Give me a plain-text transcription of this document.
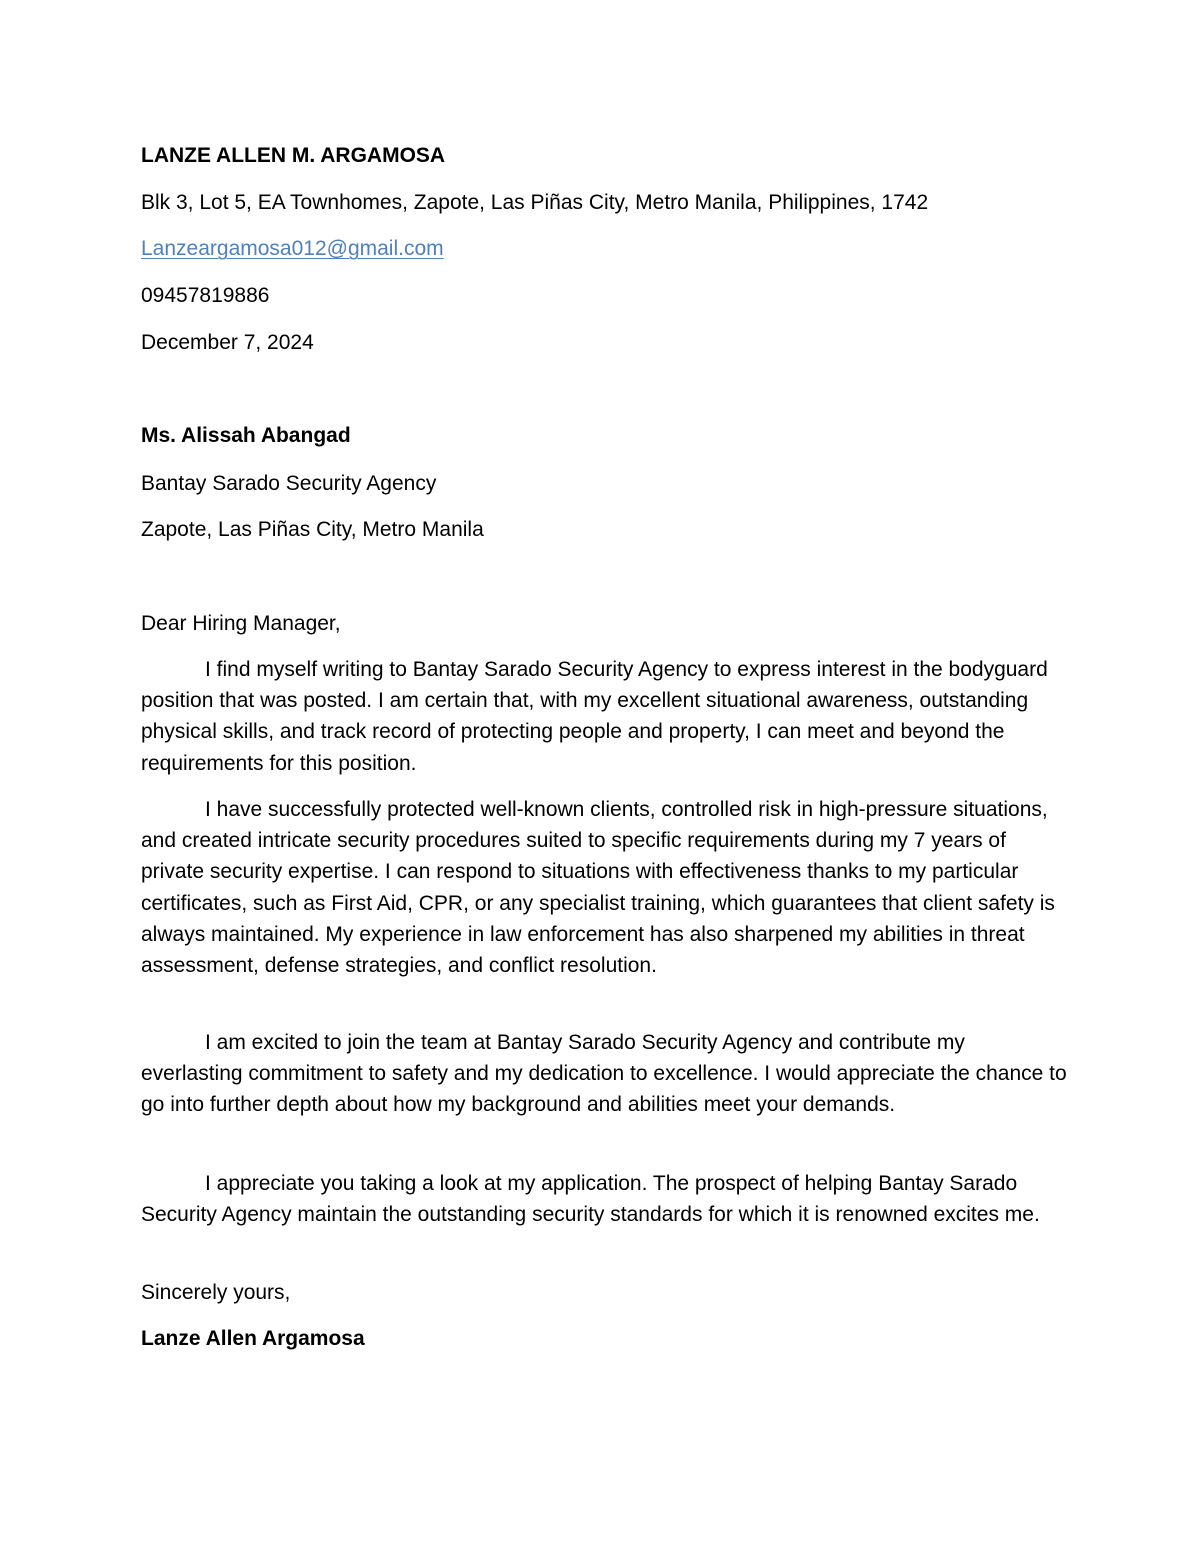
LANZE ALLEN M. ARGAMOSA
Blk 3, Lot 5, EA Townhomes, Zapote, Las Piñas City, Metro Manila, Philippines, 1742
Lanzeargamosa012@gmail.com
09457819886
December 7, 2024
Ms. Alissah Abangad
Bantay Sarado Security Agency
Zapote, Las Piñas City, Metro Manila
Dear Hiring Manager,

I find myself writing to Bantay Sarado Security Agency to express interest in the bodyguard position that was posted. I am certain that, with my excellent situational awareness, outstanding physical skills, and track record of protecting people and property, I can meet and beyond the requirements for this position.

I have successfully protected well-known clients, controlled risk in high-pressure situations, and created intricate security procedures suited to specific requirements during my 7 years of private security expertise. I can respond to situations with effectiveness thanks to my particular certificates, such as First Aid, CPR, or any specialist training, which guarantees that client safety is always maintained. My experience in law enforcement has also sharpened my abilities in threat assessment, defense strategies, and conflict resolution.

I am excited to join the team at Bantay Sarado Security Agency and contribute my everlasting commitment to safety and my dedication to excellence. I would appreciate the chance to go into further depth about how my background and abilities meet your demands.

I appreciate you taking a look at my application. The prospect of helping Bantay Sarado Security Agency maintain the outstanding security standards for which it is renowned excites me.

Sincerely yours,
Lanze Allen Argamosa
